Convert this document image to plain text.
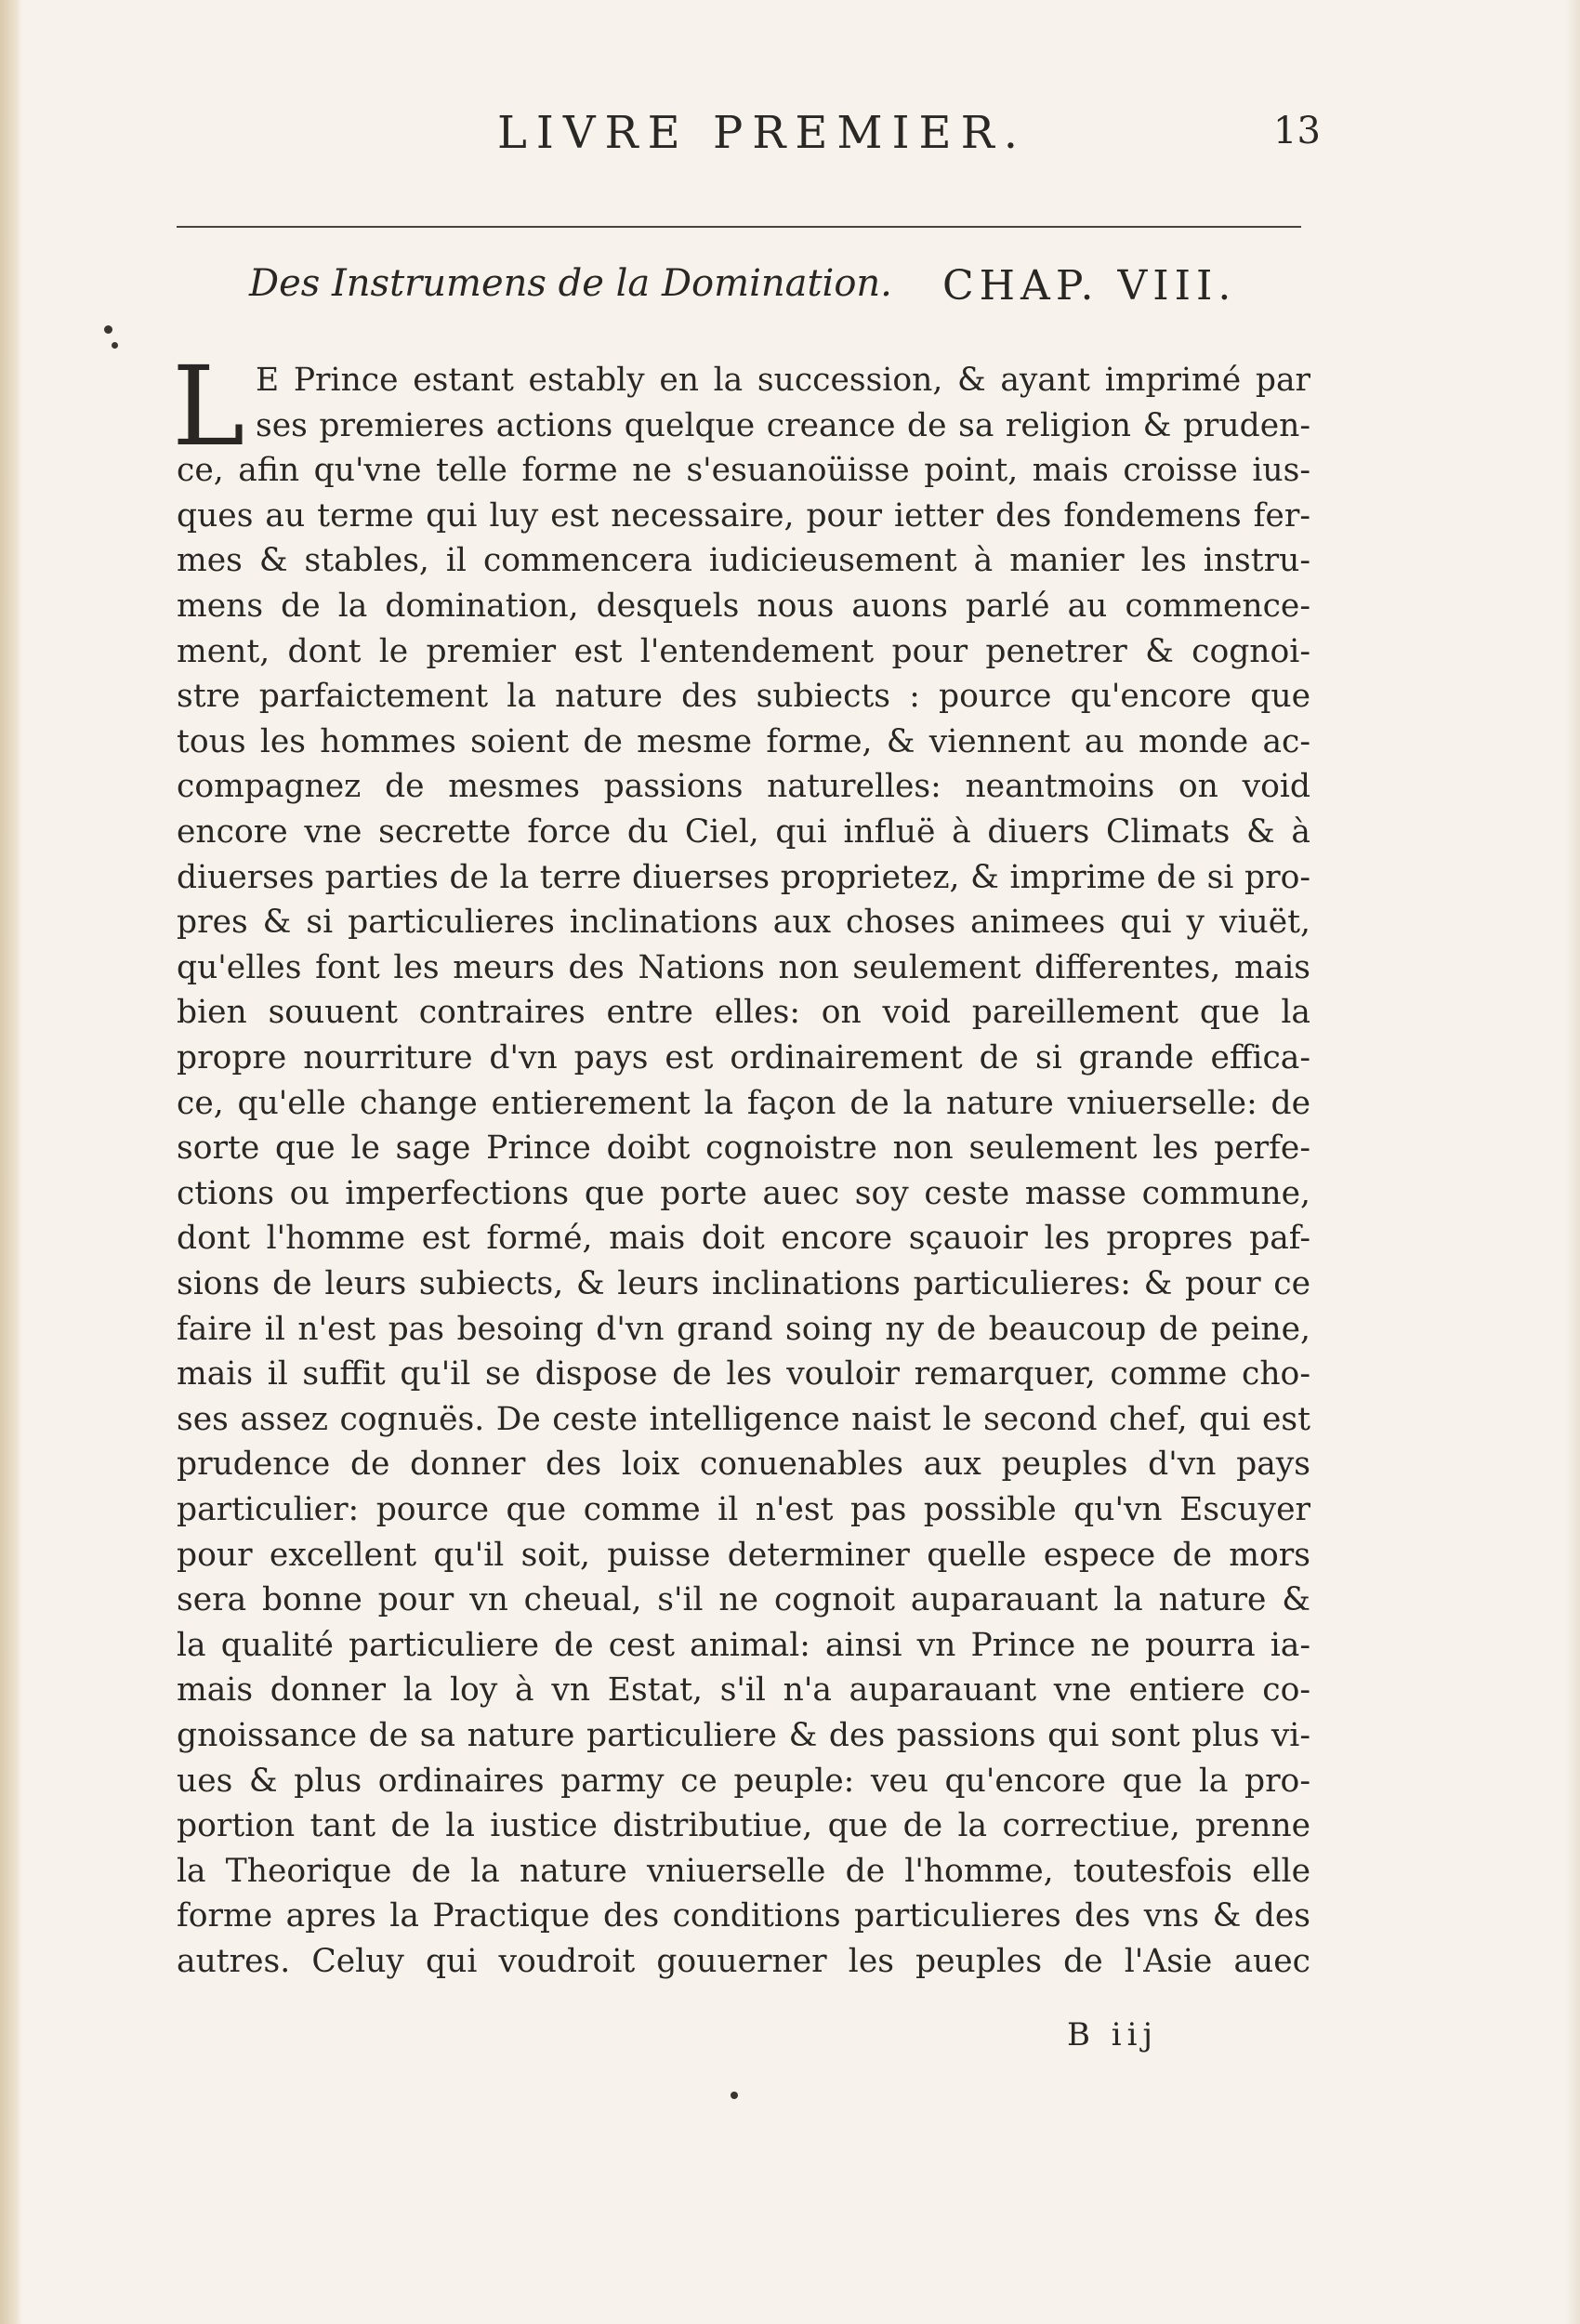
LIVRE PREMIER.	13
Des Instrumens de la Domination. CHAP. VIII.
L E Prince estant estably en la succession, & ayant imprimé par
ses premieres actions quelque creance de sa religion & pruden-
ce, afin qu'vne telle forme ne s'esuanoüisse point, mais croisse ius-
ques au terme qui luy est necessaire, pour ietter des fondemens fer-
mes & stables, il commencera iudicieusement à manier les instru-
mens de la domination, desquels nous auons parlé au commence-
ment, dont le premier est l'entendement pour penetrer & cognoi-
stre parfaictement la nature des subiects : pource qu'encore que
tous les hommes soient de mesme forme, & viennent au monde ac-
compagnez de mesmes passions naturelles: neantmoins on void
encore vne secrette force du Ciel, qui influë à diuers Climats & à
diuerses parties de la terre diuerses proprietez, & imprime de si pro-
pres & si particulieres inclinations aux choses animees qui y viuët,
qu'elles font les meurs des Nations non seulement differentes, mais
bien souuent contraires entre elles: on void pareillement que la
propre nourriture d'vn pays est ordinairement de si grande effica-
ce, qu'elle change entierement la façon de la nature vniuerselle: de
sorte que le sage Prince doibt cognoistre non seulement les perfe-
ctions ou imperfections que porte auec soy ceste masse commune,
dont l'homme est formé, mais doit encore sçauoir les propres paf-
sions de leurs subiects, & leurs inclinations particulieres: & pour ce
faire il n'est pas besoing d'vn grand soing ny de beaucoup de peine,
mais il suffit qu'il se dispose de les vouloir remarquer, comme cho-
ses assez cognuës. De ceste intelligence naist le second chef, qui est
prudence de donner des loix conuenables aux peuples d'vn pays
particulier: pource que comme il n'est pas possible qu'vn Escuyer
pour excellent qu'il soit, puisse determiner quelle espece de mors
sera bonne pour vn cheual, s'il ne cognoit auparauant la nature &
la qualité particuliere de cest animal: ainsi vn Prince ne pourra ia-
mais donner la loy à vn Estat, s'il n'a auparauant vne entiere co-
gnoissance de sa nature particuliere & des passions qui sont plus vi-
ues & plus ordinaires parmy ce peuple: veu qu'encore que la pro-
portion tant de la iustice distributiue, que de la correctiue, prenne
la Theorique de la nature vniuerselle de l'homme, toutesfois elle
forme apres la Practique des conditions particulieres des vns & des
autres. Celuy qui voudroit gouuerner les peuples de l'Asie auec
B iij
